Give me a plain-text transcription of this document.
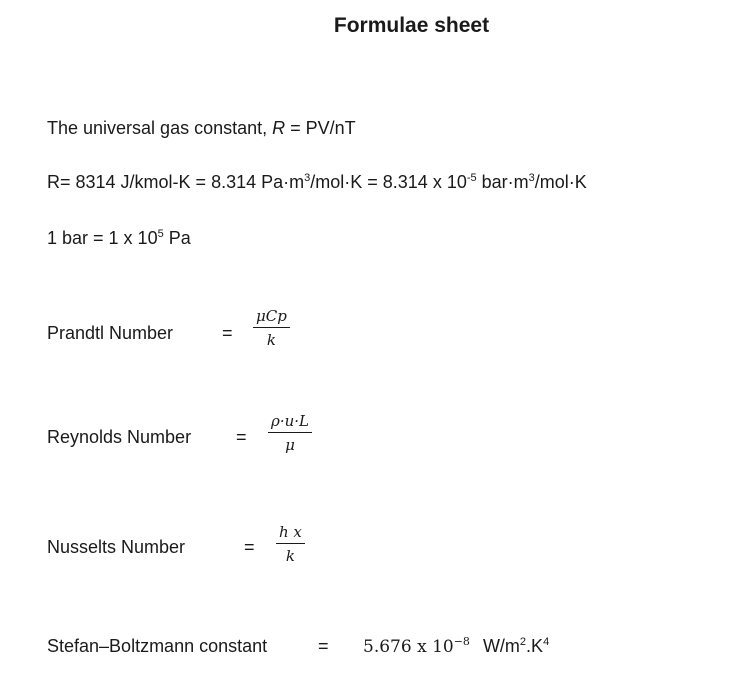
Formulae sheet
The universal gas constant, R = PV/nT
R= 8314 J/kmol-K = 8.314 $Pa\cdot m^3/mol\cdot K = 8.314$ x $10^{-5}$ $bar\cdot m^3/mol\cdot K$
1 bar = 1 x $10^5$ Pa
Prandtl Number	=
μCp
k
Reynolds Number =
ρ·u·L
μ
Nusselts Number	=
h x
k
Stefan–Boltzmann constant	= 5.676 x $10^{-8}$ $W/m^2.K^4$
